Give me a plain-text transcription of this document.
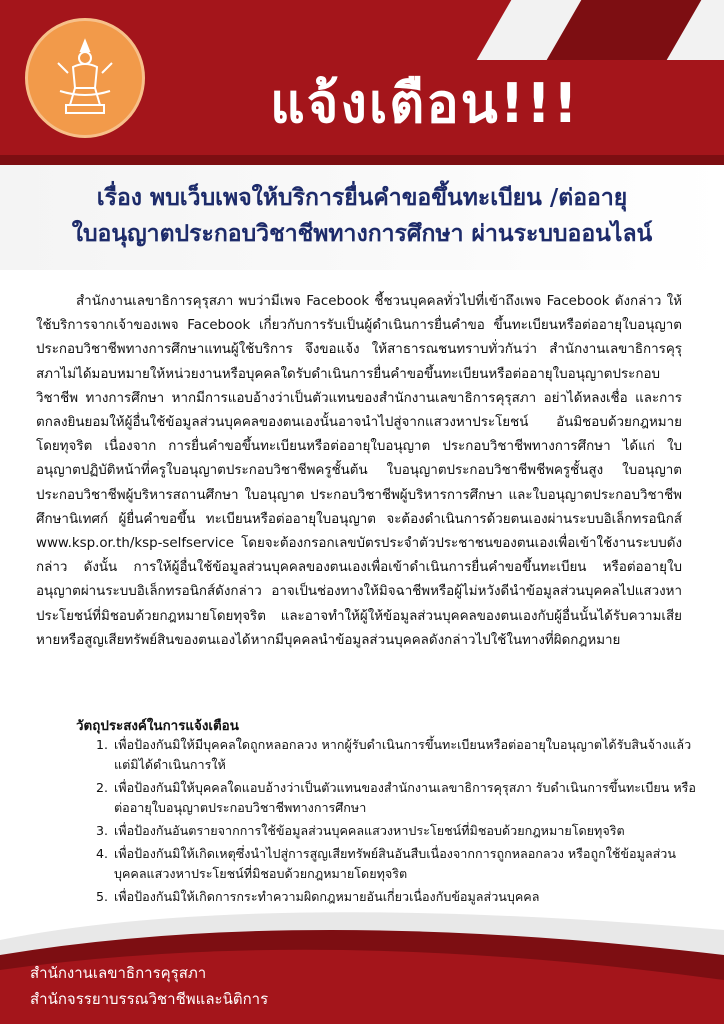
แจ้งเตือน!!!
เรื่อง พบเว็บเพจให้บริการยื่นคำขอขึ้นทะเบียน /ต่ออายุ
ใบอนุญาตประกอบวิชาชีพทางการศึกษา ผ่านระบบออนไลน์

สำนักงานเลขาธิการคุรุสภา พบว่ามีเพจ Facebook ชี้ชวนบุคคลทั่วไปที่เข้าถึงเพจ Facebook ดังกล่าว ให้ใช้บริการจากเจ้าของเพจ Facebook เกี่ยวกับการรับเป็นผู้ดำเนินการยื่นคำขอ ขึ้นทะเบียนหรือต่ออายุใบอนุญาตประกอบวิชาชีพทางการศึกษาแทนผู้ใช้บริการ จึงขอแจ้ง ให้สาธารณชนทราบทั่วกันว่า สำนักงานเลขาธิการคุรุสภาไม่ได้มอบหมายให้หน่วยงานหรือบุคคลใดรับดำเนินการยื่นคำขอขึ้นทะเบียนหรือต่ออายุใบอนุญาตประกอบวิชาชีพ ทางการศึกษา หากมีการแอบอ้างว่าเป็นตัวแทนของสำนักงานเลขาธิการคุรุสภา อย่าได้หลงเชื่อ และการตกลงยินยอมให้ผู้อื่นใช้ข้อมูลส่วนบุคคลของตนเองนั้นอาจนำไปสู่จากแสวงหาประโยชน์ อันมิชอบด้วยกฎหมายโดยทุจริต เนื่องจาก การยื่นคำขอขึ้นทะเบียนหรือต่ออายุใบอนุญาต ประกอบวิชาชีพทางการศึกษา ได้แก่ ใบอนุญาตปฏิบัติหน้าที่ครูใบอนุญาตประกอบวิชาชีพครูชั้นต้น ใบอนุญาตประกอบวิชาชีพชีพครูชั้นสูง ใบอนุญาตประกอบวิชาชีพผู้บริหารสถานศึกษา ใบอนุญาต ประกอบวิชาชีพผู้บริหารการศึกษา และใบอนุญาตประกอบวิชาชีพศึกษานิเทศก์ ผู้ยื่นคำขอขึ้น ทะเบียนหรือต่ออายุใบอนุญาต จะต้องดำเนินการด้วยตนเองผ่านระบบอิเล็กทรอนิกส์ www.ksp.or.th/ksp-selfservice โดยจะต้องกรอกเลขบัตรประจำตัวประชาชนของตนเองเพื่อเข้าใช้งานระบบดังกล่าว ดังนั้น การให้ผู้อื่นใช้ข้อมูลส่วนบุคคลของตนเองเพื่อเข้าดำเนินการยื่นคำขอขึ้นทะเบียน หรือต่ออายุใบอนุญาตผ่านระบบอิเล็กทรอนิกส์ดังกล่าว อาจเป็นช่องทางให้มิจฉาชีพหรือผู้ไม่หวังดีนำข้อมูลส่วนบุคคลไปแสวงหาประโยชน์ที่มิชอบด้วยกฎหมายโดยทุจริต และอาจทำให้ผู้ให้ข้อมูลส่วนบุคคลของตนเองกับผู้อื่นนั้นได้รับความเสียหายหรือสูญเสียทรัพย์สินของตนเองได้หากมีบุคคลนำข้อมูลส่วนบุคคลดังกล่าวไปใช้ในทางที่ผิดกฎหมาย

วัตถุประสงค์ในการแจ้งเตือน
1. เพื่อป้องกันมิให้มีบุคคลใดถูกหลอกลวง หากผู้รับดำเนินการขึ้นทะเบียนหรือต่ออายุใบอนุญาตได้รับสินจ้างแล้วแต่มิได้ดำเนินการให้
2. เพื่อป้องกันมิให้บุคคลใดแอบอ้างว่าเป็นตัวแทนของสำนักงานเลขาธิการคุรุสภา รับดำเนินการขึ้นทะเบียน หรือต่ออายุใบอนุญาตประกอบวิชาชีพทางการศึกษา
3. เพื่อป้องกันอันตรายจากการใช้ข้อมูลส่วนบุคคลแสวงหาประโยชน์ที่มิชอบด้วยกฎหมายโดยทุจริต
4. เพื่อป้องกันมิให้เกิดเหตุซึ่งนำไปสู่การสูญเสียทรัพย์สินอันสืบเนื่องจากการถูกหลอกลวง หรือถูกใช้ข้อมูลส่วนบุคคลแสวงหาประโยชน์ที่มิชอบด้วยกฎหมายโดยทุจริต
5. เพื่อป้องกันมิให้เกิดการกระทำความผิดกฎหมายอันเกี่ยวเนื่องกับข้อมูลส่วนบุคคล
สำนักงานเลขาธิการคุรุสภา
สำนักจรรยาบรรณวิชาชีพและนิติการ
